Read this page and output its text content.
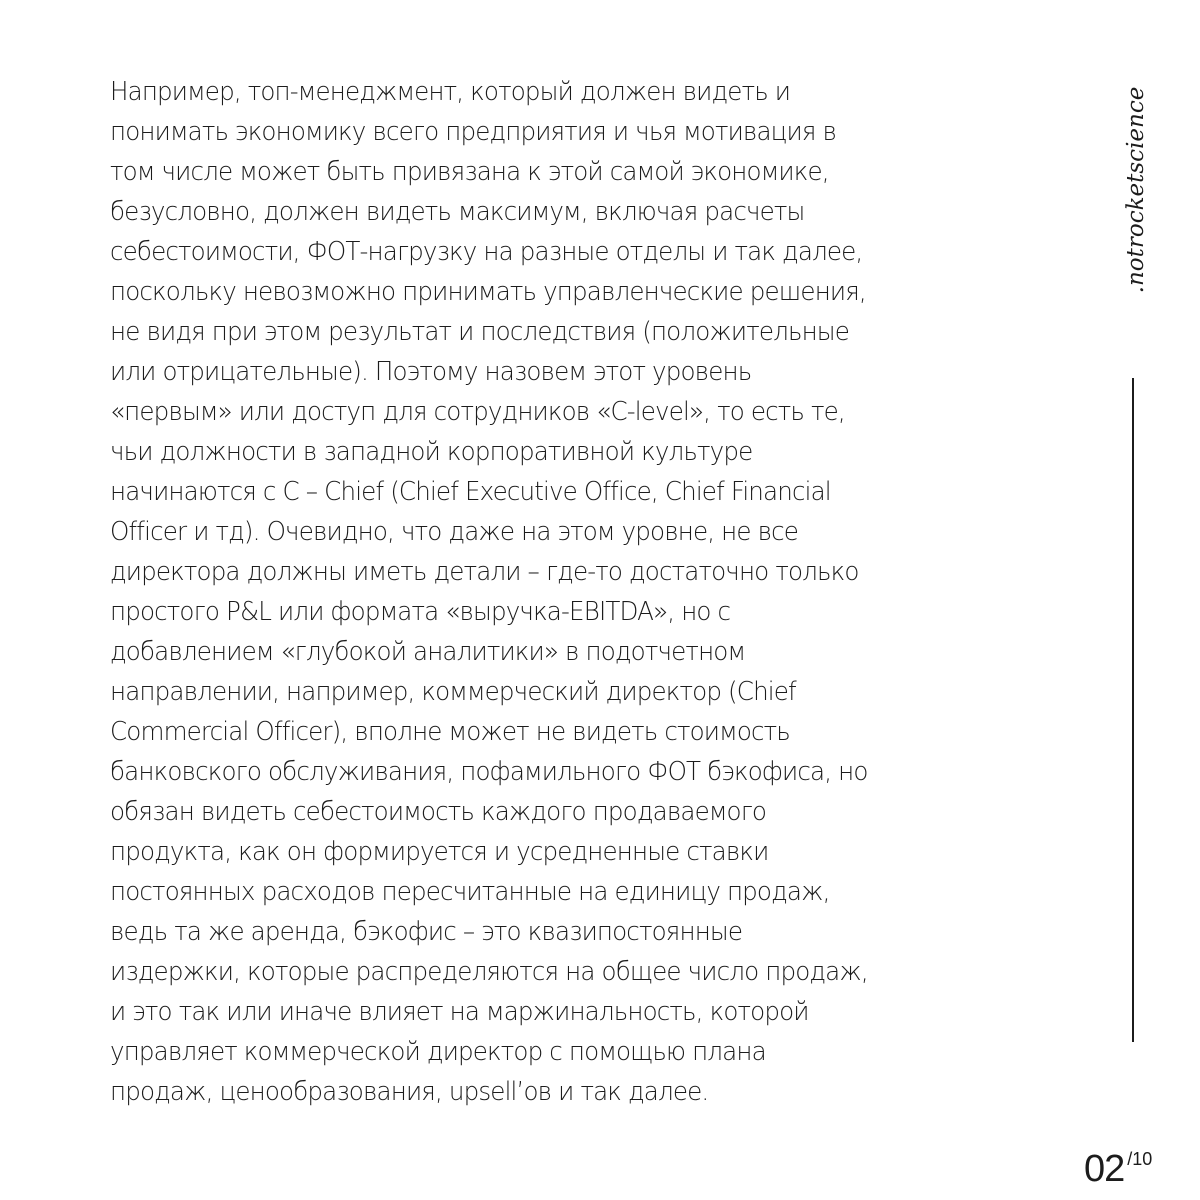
Например, топ-менеджмент, который должен видеть и
понимать экономику всего предприятия и чья мотивация в
том числе может быть привязана к этой самой экономике,
безусловно, должен видеть максимум, включая расчеты
себестоимости, ФОТ-нагрузку на разные отделы и так далее,
поскольку невозможно принимать управленческие решения,
не видя при этом результат и последствия (положительные
или отрицательные). Поэтому назовем этот уровень
«первым» или доступ для сотрудников «C-level», то есть те,
чьи должности в западной корпоративной культуре
начинаются с C – Chief (Chief Executive Office, Chief Financial
Officer и тд). Очевидно, что даже на этом уровне, не все
директора должны иметь детали – где-то достаточно только
простого P&L или формата «выручка-EBITDA», но с
добавлением «глубокой аналитики» в подотчетном
направлении, например, коммерческий директор (Chief
Commercial Officer), вполне может не видеть стоимость
банковского обслуживания, пофамильного ФОТ бэкофиса, но
обязан видеть себестоимость каждого продаваемого
продукта, как он формируется и усредненные ставки
постоянных расходов пересчитанные на единицу продаж,
ведь та же аренда, бэкофис – это квазипостоянные
издержки, которые распределяются на общее число продаж,
и это так или иначе влияет на маржинальность, которой
управляет коммерческой директор с помощью плана
продаж, ценообразования, upsell’ов и так далее.
.notrocketscience
02 /10
